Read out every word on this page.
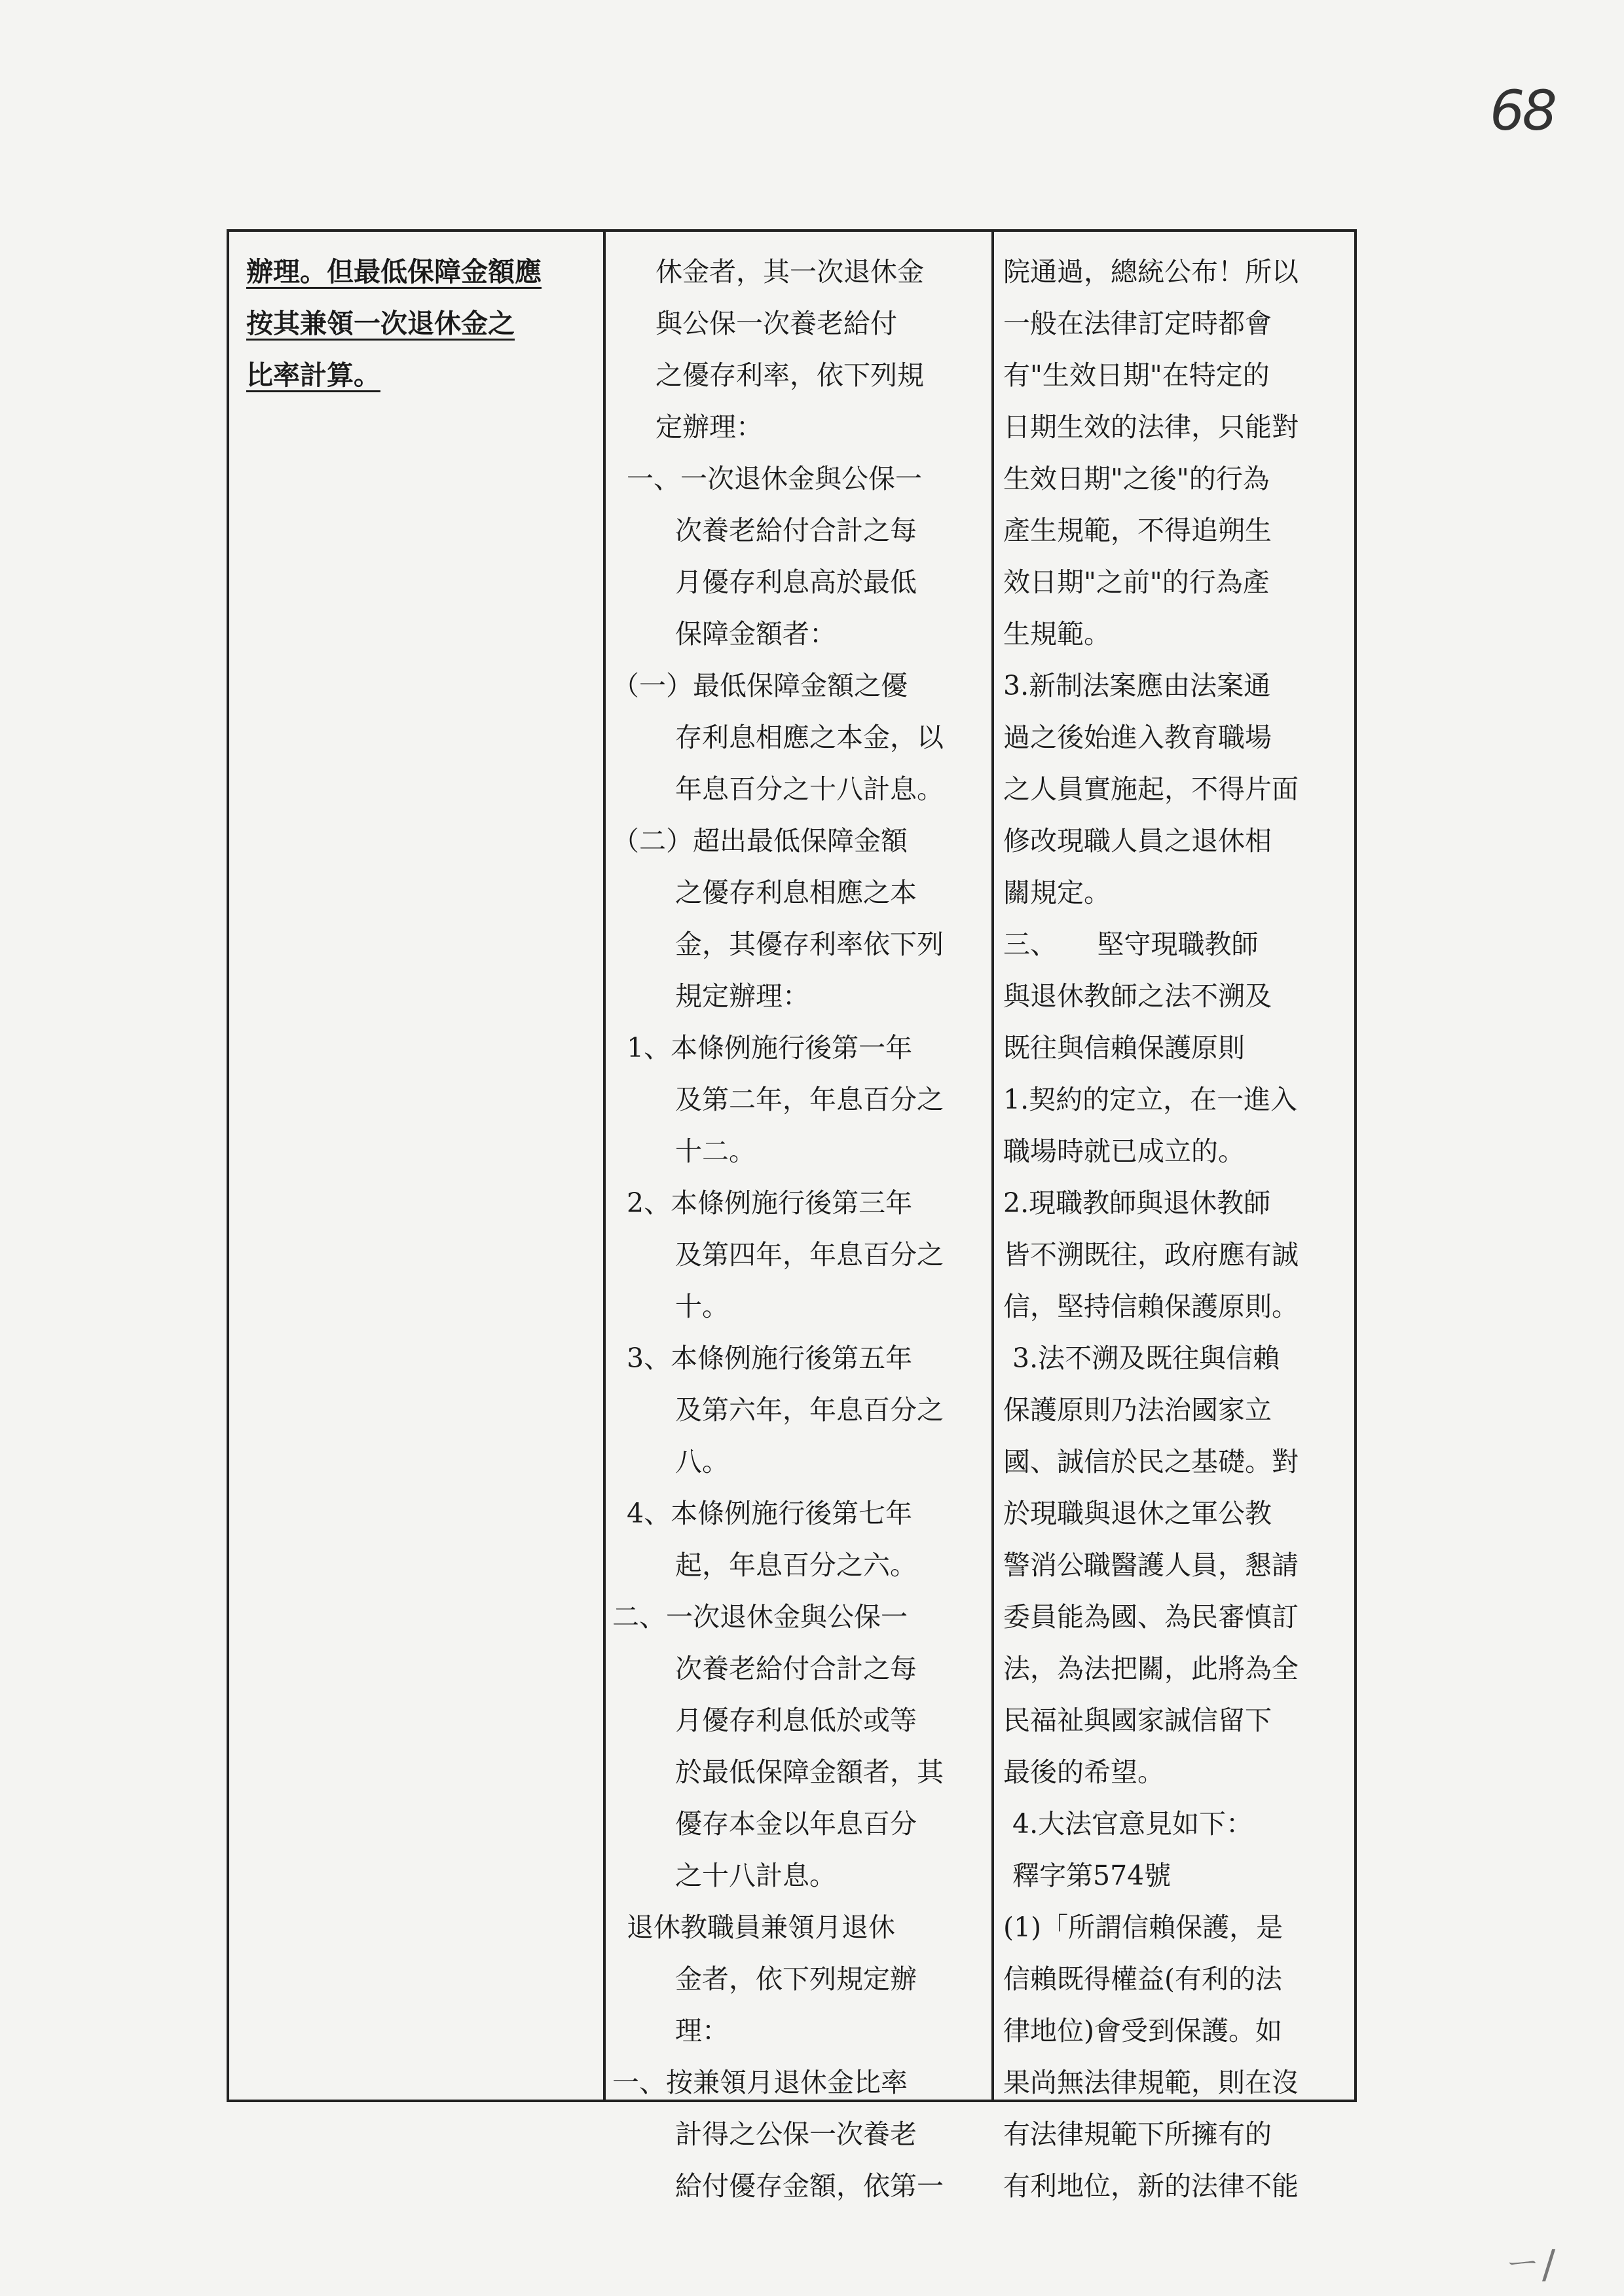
68
辦理。但最低保障金額應
按其兼領一次退休金之
比率計算。
休金者，其一次退休金
與公保一次養老給付
之優存利率，依下列規
定辦理：
一、一次退休金與公保一
次養老給付合計之每
月優存利息高於最低
保障金額者：
（一）最低保障金額之優
存利息相應之本金，以
年息百分之十八計息。
（二）超出最低保障金額
之優存利息相應之本
金，其優存利率依下列
規定辦理：
1、本條例施行後第一年
及第二年，年息百分之
十二。
2、本條例施行後第三年
及第四年，年息百分之
十。
3、本條例施行後第五年
及第六年，年息百分之
八。
4、本條例施行後第七年
起，年息百分之六。
二、一次退休金與公保一
次養老給付合計之每
月優存利息低於或等
於最低保障金額者，其
優存本金以年息百分
之十八計息。
退休教職員兼領月退休
金者，依下列規定辦
理：
一、按兼領月退休金比率
計得之公保一次養老
給付優存金額，依第一
院通過，總統公布！所以
一般在法律訂定時都會
有"生效日期"在特定的
日期生效的法律，只能對
生效日期"之後"的行為
產生規範，不得追朔生
效日期"之前"的行為產
生規範。
3.新制法案應由法案通
過之後始進入教育職場
之人員實施起，不得片面
修改現職人員之退休相
關規定。
三、　　堅守現職教師
與退休教師之法不溯及
既往與信賴保護原則
1.契約的定立，在一進入
職場時就已成立的。
2.現職教師與退休教師
皆不溯既往，政府應有誠
信，堅持信賴保護原則。
3.法不溯及既往與信賴
保護原則乃法治國家立
國、誠信於民之基礎。對
於現職與退休之軍公教
警消公職醫護人員，懇請
委員能為國、為民審慎訂
法，為法把關，此將為全
民福祉與國家誠信留下
最後的希望。
4.大法官意見如下：
釋字第574號
(1)「所謂信賴保護，是
信賴既得權益(有利的法
律地位)會受到保護。如
果尚無法律規範，則在沒
有法律規範下所擁有的
有利地位，新的法律不能
ㄧ/
